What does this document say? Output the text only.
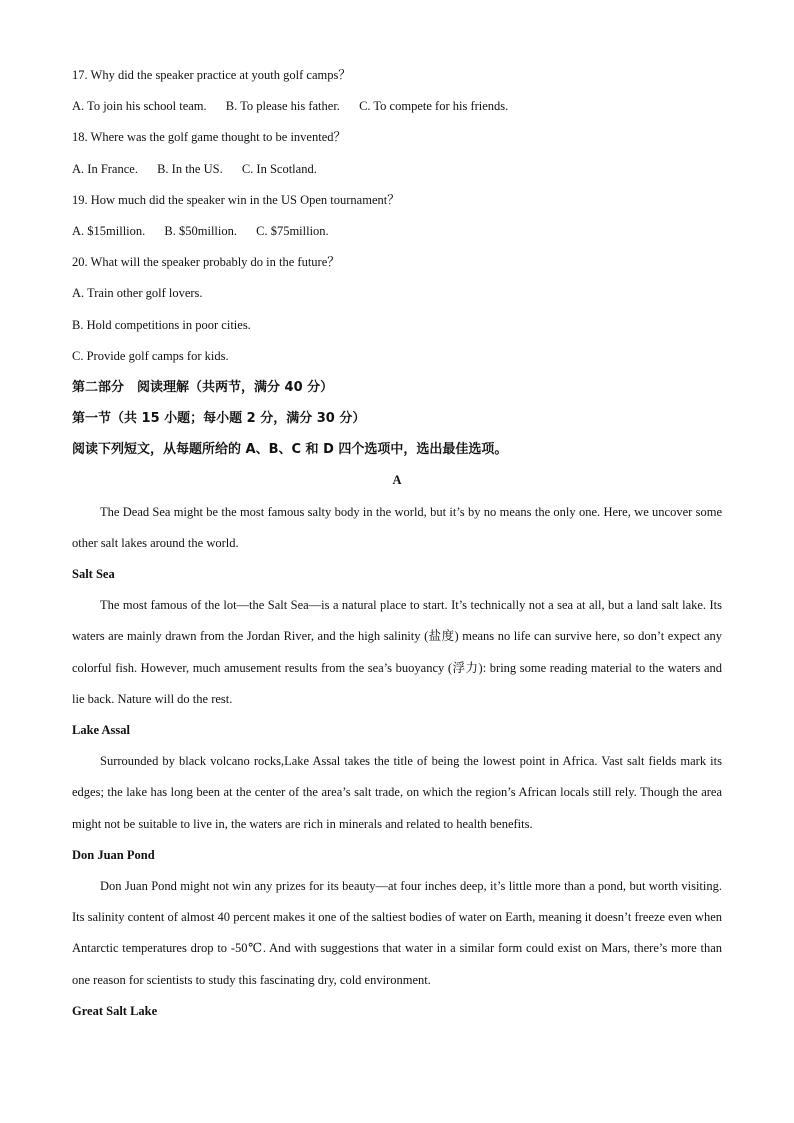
17. Why did the speaker practice at youth golf camps？
A. To join his school team. B. To please his father. C. To compete for his friends.
18. Where was the golf game thought to be invented？
A. In France. B. In the US. C. In Scotland.
19. How much did the speaker win in the US Open tournament？
A. $15million. B. $50million. C. $75million.
20. What will the speaker probably do in the future？
A. Train other golf lovers.
B. Hold competitions in poor cities.
C. Provide golf camps for kids.
第二部分　阅读理解（共两节，满分 40 分）
第一节（共 15 小题；每小题 2 分，满分 30 分）
阅读下列短文，从每题所给的 A、B、C 和 D 四个选项中，选出最佳选项。
A
The Dead Sea might be the most famous salty body in the world, but it’s by no means the only one. Here, we uncover some other salt lakes around the world.
Salt Sea
The most famous of the lot—the Salt Sea—is a natural place to start. It’s technically not a sea at all, but a land salt lake. Its waters are mainly drawn from the Jordan River, and the high salinity (盐度) means no life can survive here, so don’t expect any colorful fish. However, much amusement results from the sea’s buoyancy (浮力): bring some reading material to the waters and lie back. Nature will do the rest.
Lake Assal
Surrounded by black volcano rocks,Lake Assal takes the title of being the lowest point in Africa. Vast salt fields mark its edges; the lake has long been at the center of the area’s salt trade, on which the region’s African locals still rely. Though the area might not be suitable to live in, the waters are rich in minerals and related to health benefits.
Don Juan Pond
Don Juan Pond might not win any prizes for its beauty—at four inches deep, it’s little more than a pond, but worth visiting. Its salinity content of almost 40 percent makes it one of the saltiest bodies of water on Earth, meaning it doesn’t freeze even when Antarctic temperatures drop to -50℃. And with suggestions that water in a similar form could exist on Mars, there’s more than one reason for scientists to study this fascinating dry, cold environment.
Great Salt Lake
